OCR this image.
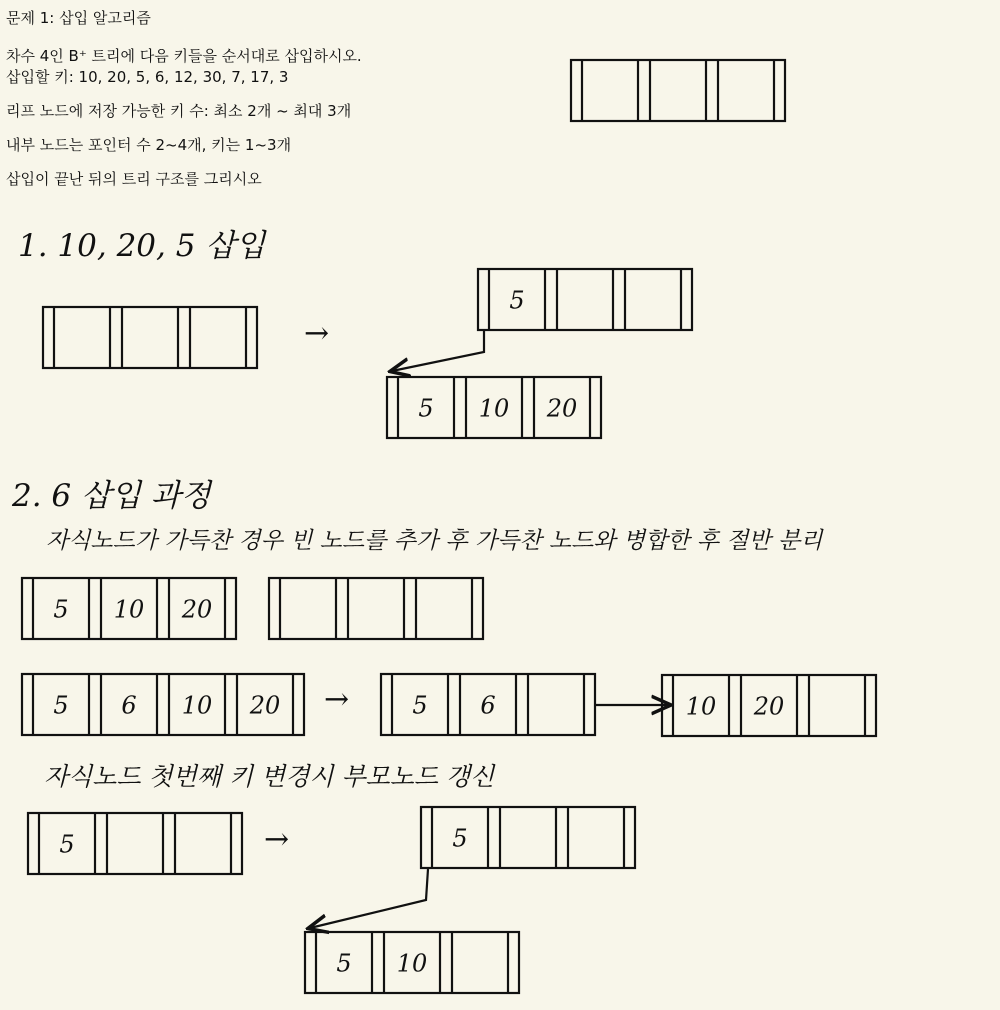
문제 1: 삽입 알고리즘
차수 4인 B⁺ 트리에 다음 키들을 순서대로 삽입하시오.
삽입할 키: 10, 20, 5, 6, 12, 30, 7, 17, 3
리프 노드에 저장 가능한 키 수: 최소 2개 ~ 최대 3개
내부 노드는 포인터 수 2~4개, 키는 1~3개
삽입이 끝난 뒤의 트리 구조를 그리시오
1. 10, 20, 5 삽입
2. 6 삽입 과정
자식노드가 가득찬 경우 빈 노드를 추가 후 가득찬 노드와 병합한 후 절반 분리
자식노드 첫번째 키 변경시 부모노드 갱신
→
→
→
5
5 10 20
5 10 20
5 6 10 20	5 6	10 20
5	5
5 10
